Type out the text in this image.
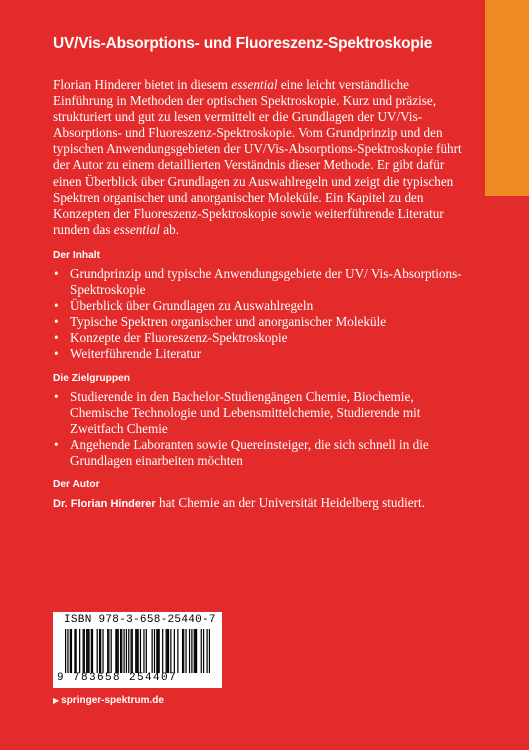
UV/Vis-Absorptions- und Fluoreszenz-Spektroskopie

Florian Hinderer bietet in diesem essential eine leicht verständliche Einführung in Methoden der optischen Spektroskopie. Kurz und präzise, strukturiert und gut zu lesen vermittelt er die Grundlagen der UV/Vis-Absorptions- und Fluoreszenz-Spektroskopie. Vom Grundprinzip und den typischen Anwendungsgebieten der UV/Vis-Absorptions-Spektroskopie führt der Autor zu einem detaillierten Verständnis dieser Methode. Er gibt dafür einen Überblick über Grundlagen zu Auswahlregeln und zeigt die typischen Spektren organischer und anorganischer Moleküle. Ein Kapitel zu den Konzepten der Fluoreszenz-Spektroskopie sowie weiterführende Literatur runden das essential ab.

Der Inhalt
• Grundprinzip und typische Anwendungsgebiete der UV/ Vis-Absorptions-Spektroskopie
• Überblick über Grundlagen zu Auswahlregeln
• Typische Spektren organischer und anorganischer Moleküle
• Konzepte der Fluoreszenz-Spektroskopie
• Weiterführende Literatur
Die Zielgruppen
• Studierende in den Bachelor-Studiengängen Chemie, Biochemie, Chemische Technologie und Lebensmittelchemie, Studierende mit Zweitfach Chemie
• Angehende Laboranten sowie Quereinsteiger, die sich schnell in die Grundlagen einarbeiten möchten
Der Autor

Dr. Florian Hinderer hat Chemie an der Universität Heidelberg studiert.

ISBN 978-3-658-25440-7
9 783658 254407
▶ springer-spektrum.de
